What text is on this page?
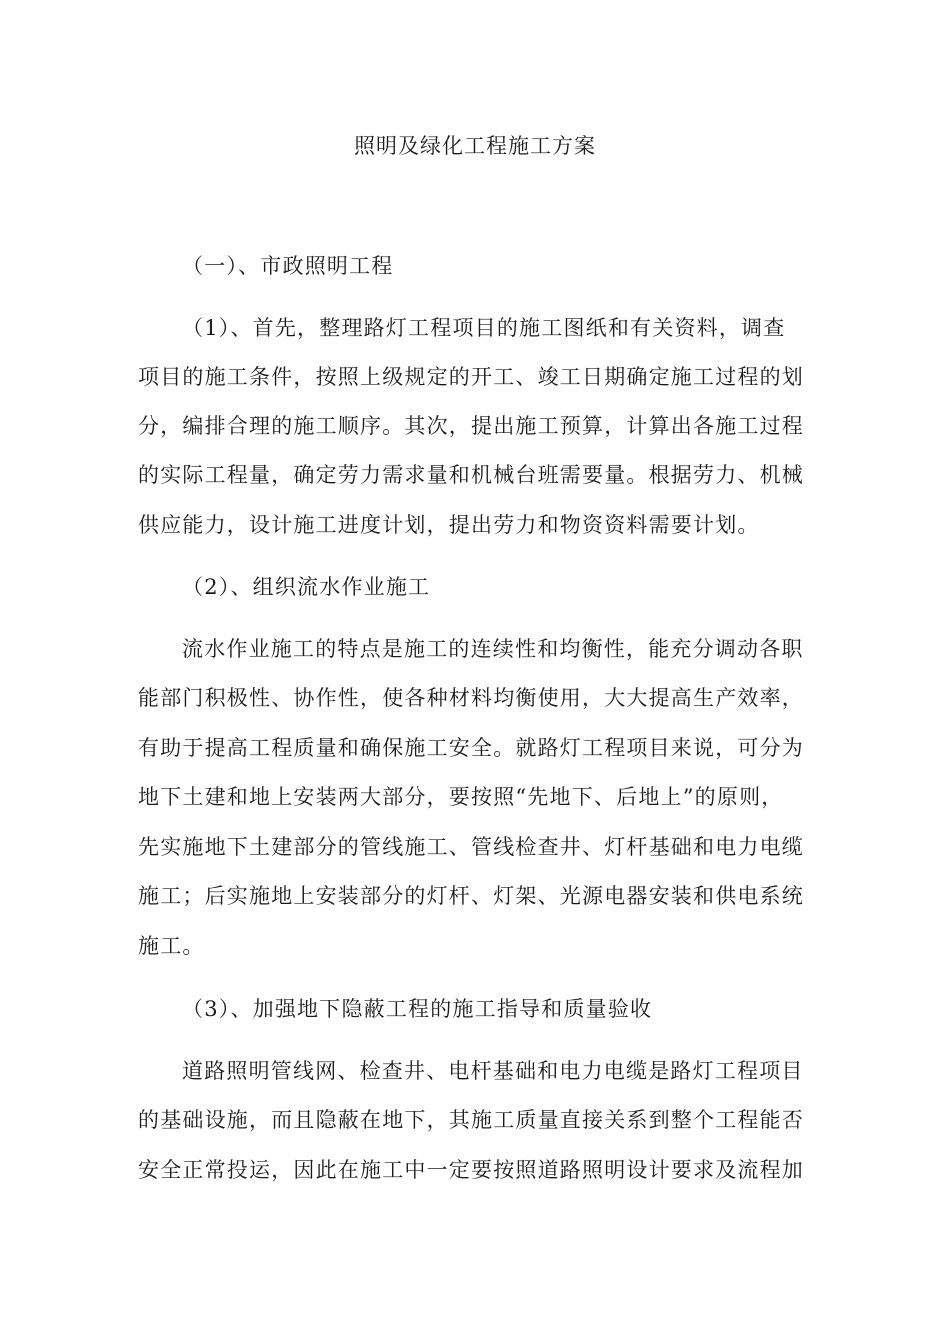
照明及绿化工程施工方案
（一）、市政照明工程
（1）、首先，整理路灯工程项目的施工图纸和有关资料，调查
项目的施工条件，按照上级规定的开工、竣工日期确定施工过程的划
分，编排合理的施工顺序。其次，提出施工预算，计算出各施工过程
的实际工程量，确定劳力需求量和机械台班需要量。根据劳力、机械
供应能力，设计施工进度计划，提出劳力和物资资料需要计划。
（2）、组织流水作业施工
流水作业施工的特点是施工的连续性和均衡性，能充分调动各职
能部门积极性、协作性，使各种材料均衡使用，大大提高生产效率，
有助于提高工程质量和确保施工安全。就路灯工程项目来说，可分为
地下土建和地上安装两大部分，要按照“先地下、后地上”的原则，
先实施地下土建部分的管线施工、管线检查井、灯杆基础和电力电缆
施工；后实施地上安装部分的灯杆、灯架、光源电器安装和供电系统
施工。
（3）、加强地下隐蔽工程的施工指导和质量验收
道路照明管线网、检查井、电杆基础和电力电缆是路灯工程项目
的基础设施，而且隐蔽在地下，其施工质量直接关系到整个工程能否
安全正常投运，因此在施工中一定要按照道路照明设计要求及流程加
